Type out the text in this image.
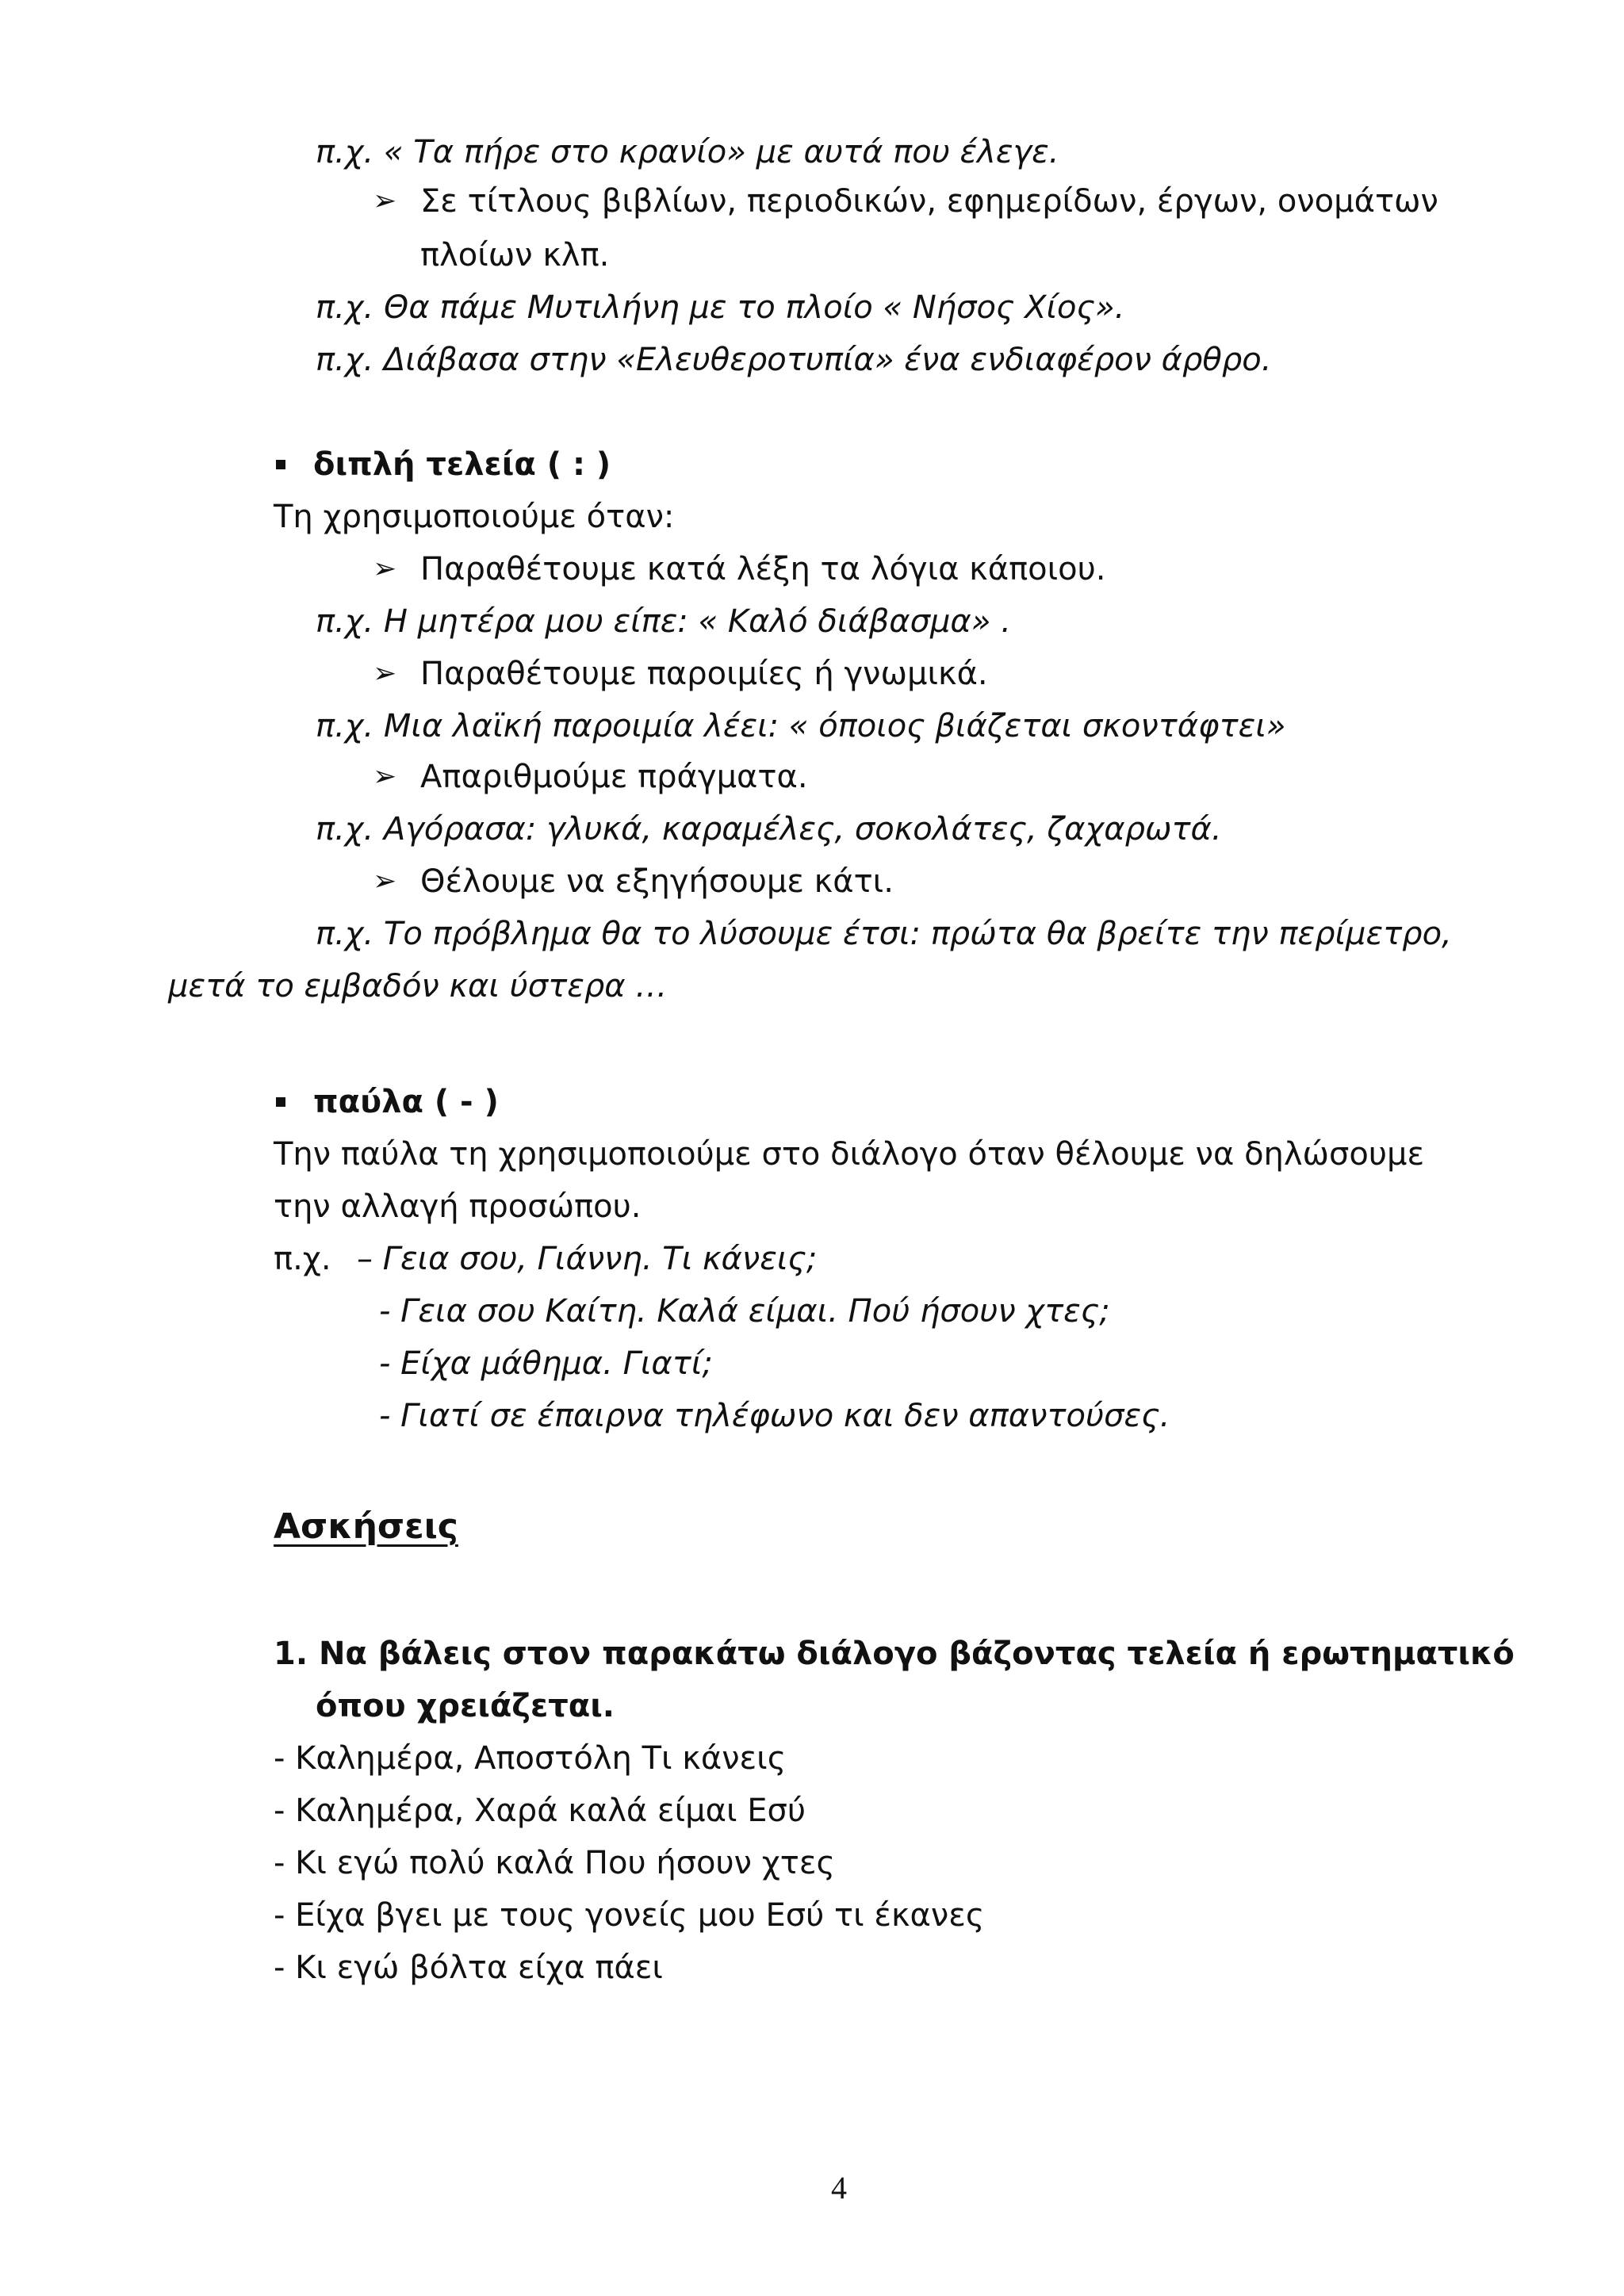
π.χ. « Τα πήρε στο κρανίο» με αυτά που έλεγε.
➢ Σε τίτλους βιβλίων, περιοδικών, εφημερίδων, έργων, ονομάτων
πλοίων κλπ.
π.χ. Θα πάμε Μυτιλήνη με το πλοίο « Νήσος Χίος».
π.χ. Διάβασα στην «Ελευθεροτυπία» ένα ενδιαφέρον άρθρο.
διπλή τελεία ( : )
Τη χρησιμοποιούμε όταν:
➢ Παραθέτουμε κατά λέξη τα λόγια κάποιου.
π.χ. Η μητέρα μου είπε: « Καλό διάβασμα» .
➢ Παραθέτουμε παροιμίες ή γνωμικά.
π.χ. Μια λαϊκή παροιμία λέει: « όποιος βιάζεται σκοντάφτει»
➢ Απαριθμούμε πράγματα.
π.χ. Αγόρασα: γλυκά, καραμέλες, σοκολάτες, ζαχαρωτά.
➢ Θέλουμε να εξηγήσουμε κάτι.
π.χ. Το πρόβλημα θα το λύσουμε έτσι: πρώτα θα βρείτε την περίμετρο,
μετά το εμβαδόν και ύστερα …
παύλα ( - )
Την παύλα τη χρησιμοποιούμε στο διάλογο όταν θέλουμε να δηλώσουμε
την αλλαγή προσώπου.
π.χ. – Γεια σου, Γιάννη. Τι κάνεις;
- Γεια σου Καίτη. Καλά είμαι. Πού ήσουν χτες;
- Είχα μάθημα. Γιατί;
- Γιατί σε έπαιρνα τηλέφωνο και δεν απαντούσες.
Ασκήσεις
1. Να βάλεις στον παρακάτω διάλογο βάζοντας τελεία ή ερωτηματικό
όπου χρειάζεται.
- Καλημέρα, Αποστόλη Τι κάνεις
- Καλημέρα, Χαρά καλά είμαι Εσύ
- Κι εγώ πολύ καλά Που ήσουν χτες
- Είχα βγει με τους γονείς μου Εσύ τι έκανες
- Κι εγώ βόλτα είχα πάει
4
